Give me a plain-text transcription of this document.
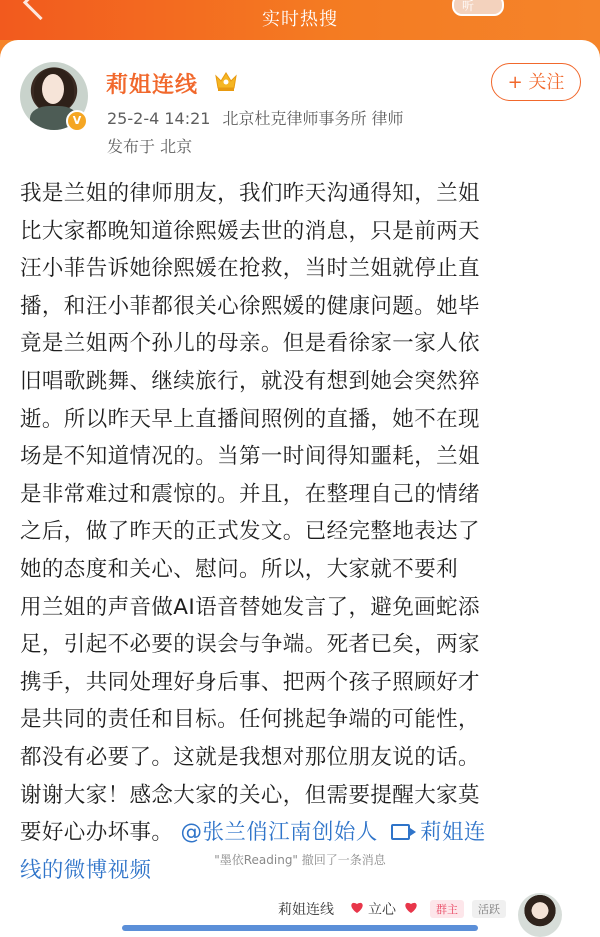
实时热搜
听
V
莉姐连线	+ 关注
25-2-4 14:21 北京杜克律师事务所 律师
发布于 北京
我是兰姐的律师朋友，我们昨天沟通得知，兰姐
比大家都晚知道徐熙媛去世的消息，只是前两天
汪小菲告诉她徐熙媛在抢救，当时兰姐就停止直
播，和汪小菲都很关心徐熙媛的健康问题。她毕
竟是兰姐两个孙儿的母亲。但是看徐家一家人依
旧唱歌跳舞、继续旅行，就没有想到她会突然猝
逝。所以昨天早上直播间照例的直播，她不在现
场是不知道情况的。当第一时间得知噩耗，兰姐
是非常难过和震惊的。并且，在整理自己的情绪
之后，做了昨天的正式发文。已经完整地表达了
她的态度和关心、慰问。所以，大家就不要利
用兰姐的声音做AI语音替她发言了，避免画蛇添
足，引起不必要的误会与争端。死者已矣，两家
携手，共同处理好身后事、把两个孩子照顾好才
是共同的责任和目标。任何挑起争端的可能性，
都没有必要了。这就是我想对那位朋友说的话。
谢谢大家！感念大家的关心，但需要提醒大家莫
要好心办坏事。 @张兰俏江南创始人 莉姐连
线的微博视频	"墨依Reading" 撤回了一条消息
莉姐连线 立心	群主	活跃
